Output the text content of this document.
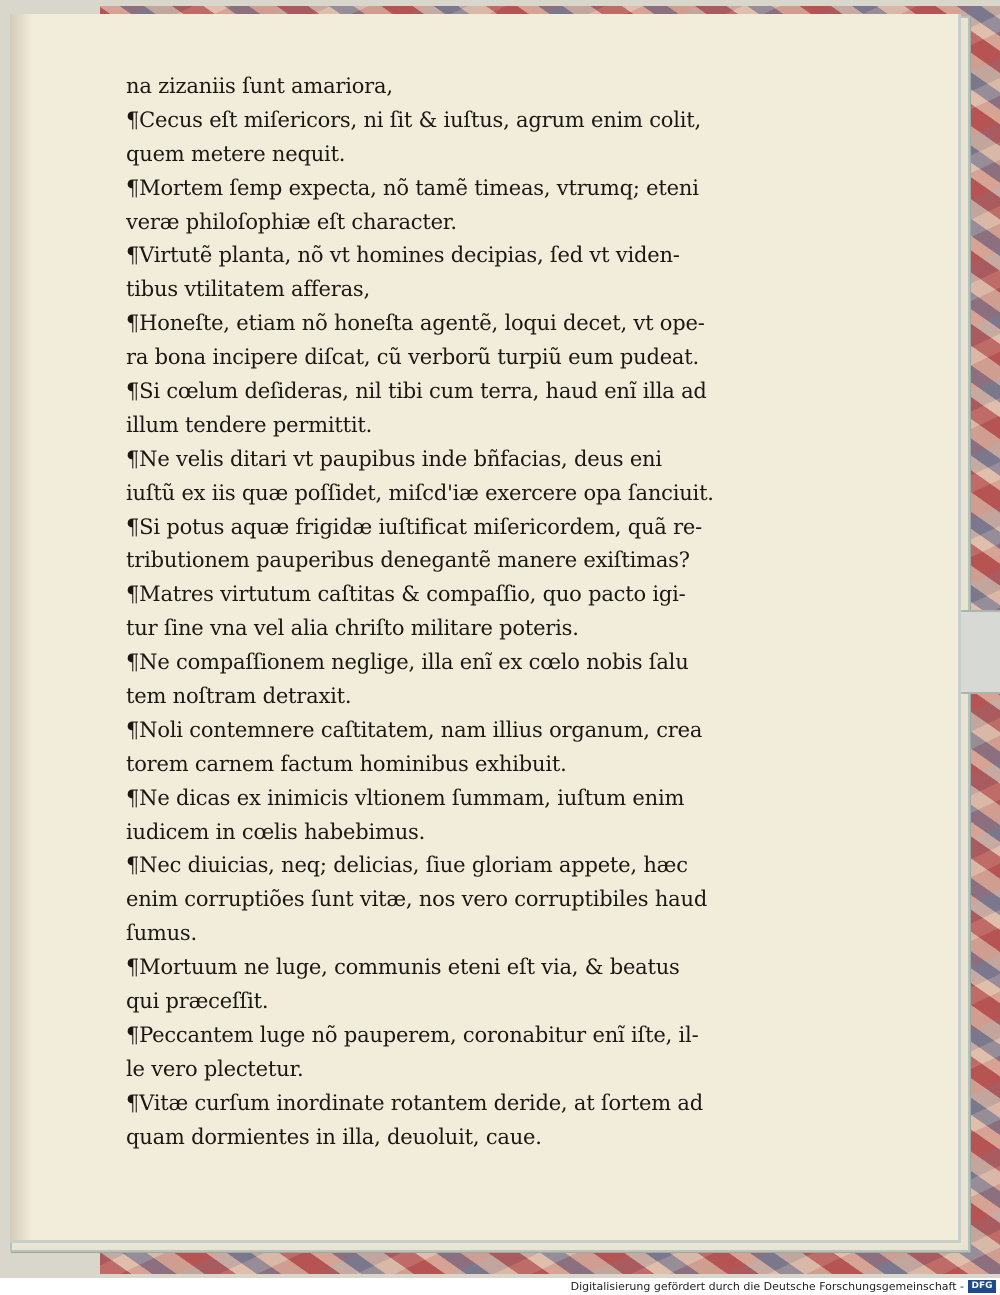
na zizaniis ſunt amariora,
¶Cecus eſt miſericors, ni ſit & iuſtus, agrum enim colit,
quem metere nequit.
¶Mortem ſemp expecta, nõ tamẽ timeas, vtrumq; eteni
veræ philoſophiæ eſt character.
¶Virtutẽ planta, nõ vt homines decipias, ſed vt viden-
tibus vtilitatem afferas,
¶Honeſte, etiam nõ honeſta agentẽ, loqui decet, vt ope-
ra bona incipere diſcat, cũ verborũ turpiũ eum pudeat.
¶Si cœlum deſideras, nil tibi cum terra, haud enĩ illa ad
illum tendere permittit.
¶Ne velis ditari vt paupibus inde bñfacias, deus eni
iuſtũ ex iis quæ poſſidet, miſcd'iæ exercere opa ſanciuit.
¶Si potus aquæ frigidæ iuſtificat miſericordem, quã re-
tributionem pauperibus denegantẽ manere exiſtimas?
¶Matres virtutum caſtitas & compaſſio, quo pacto igi-
tur ſine vna vel alia chriſto militare poteris.
¶Ne compaſſionem neglige, illa enĩ ex cœlo nobis ſalu
tem noſtram detraxit.
¶Noli contemnere caſtitatem, nam illius organum, crea
torem carnem factum hominibus exhibuit.
¶Ne dicas ex inimicis vltionem ſummam, iuſtum enim
iudicem in cœlis habebimus.
¶Nec diuicias, neq; delicias, ſiue gloriam appete, hæc
enim corruptiões ſunt vitæ, nos vero corruptibiles haud
ſumus.
¶Mortuum ne luge, communis eteni eſt via, & beatus
qui præceſſit.
¶Peccantem luge nõ pauperem, coronabitur enĩ iſte, il-
le vero plectetur.
¶Vitæ curſum inordinate rotantem deride, at ſortem ad
quam dormientes in illa, deuoluit, caue.
Digitalisierung gefördert durch die Deutsche Forschungsgemeinschaft - DFG
